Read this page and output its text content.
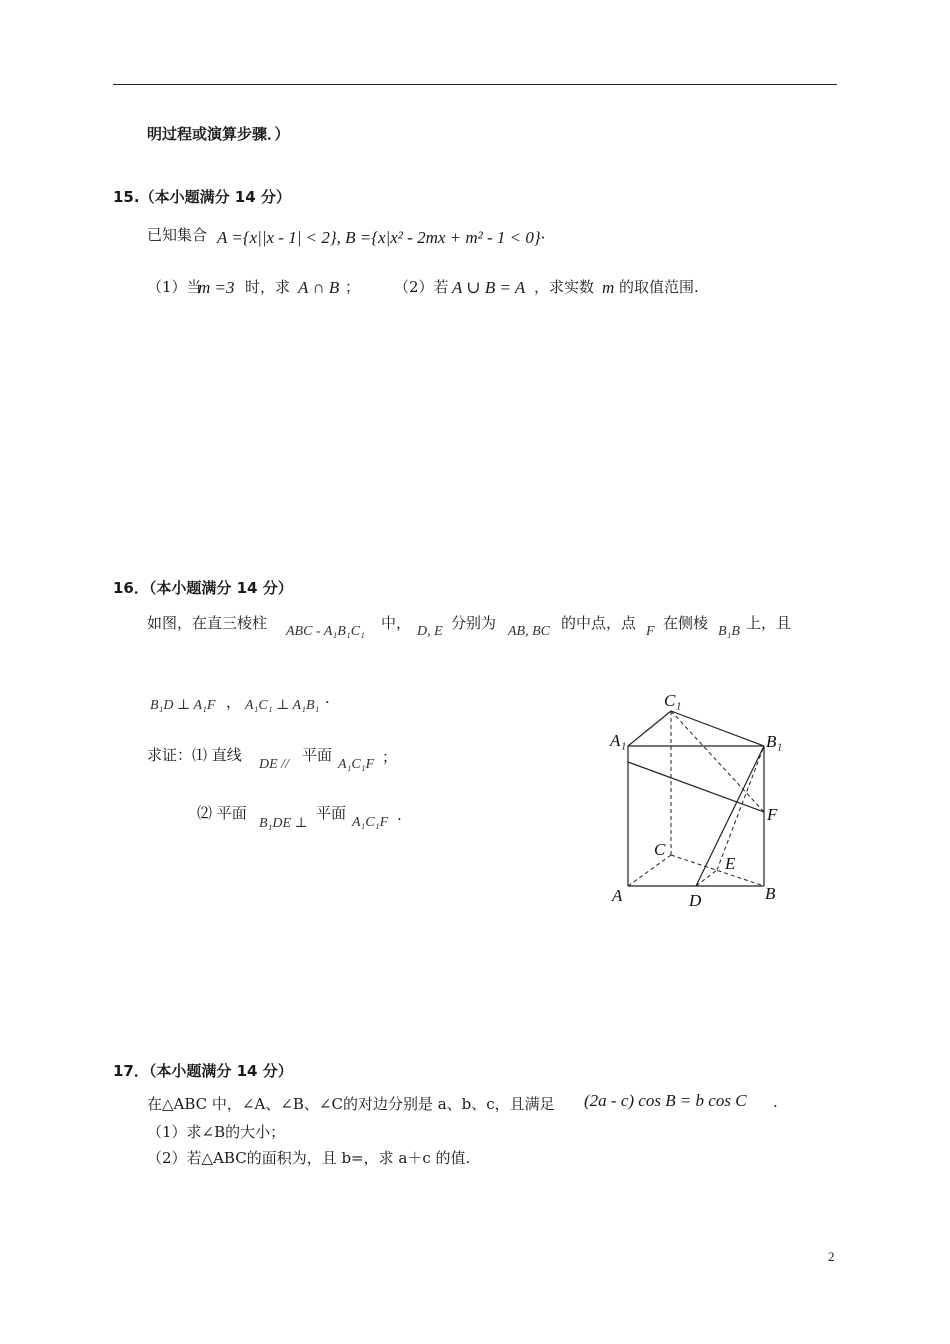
明过程或演算步骤．）
15.（本小题满分 14 分）
已知集合 A ={x||x - 1| < 2}, B ={x|x² - 2mx + m² - 1 < 0}·
（1）当
m =3 时，求 A ∩ B ； （2）若 A ∪ B = A ，求实数 m 的取值范围.
16．（本小题满分 14 分）
如图，在直三棱柱 ABC - A₁B₁C₁ 中， D, E 分别为 AB, BC 的中点，点 F 在侧棱 B₁B 上，且
B₁D ⊥ A₁F ， A₁C₁ ⊥ A₁B₁ ·
求证：⑴ 直线
DE //
平面
A₁C₁F ；
⑵ 平面
B₁DE ⊥
平面
A₁C₁F .
C₁
A₁	B₁
F
C
E
A	D	B
17．（本小题满分 14 分）
在△ABC 中，∠A、∠B、∠C的对边分别是 a、b、c，且满足 (2a - c) cos B = b cos C .
（1）求∠B的大小；
（2）若△ABC的面积为，且 b=，求 a＋c 的值.
2
